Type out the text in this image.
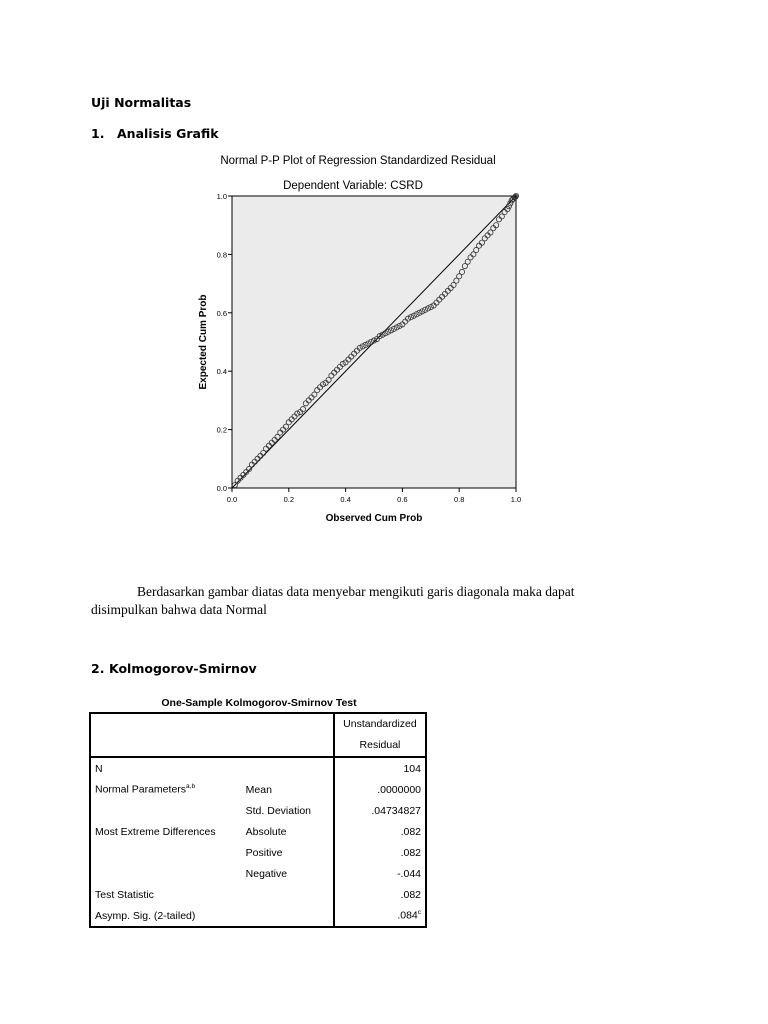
Uji Normalitas
1. Analisis Grafik
Normal P-P Plot of Regression Standardized Residual
Dependent Variable: CSRD
0.0	0.2	0.4	0.6	0.8	1.0
0.0
0.2
0.4
0.6
0.8
1.0
Observed Cum Prob
Expected Cum Prob
Berdasarkan gambar diatas data menyebar mengikuti garis diagonala maka dapat
disimpulkan bahwa data Normal
2. Kolmogorov-Smirnov
One-Sample Kolmogorov-Smirnov Test

		Unstandardized
Residual

N		104
Normal Parameters$^{a,b}$	Mean	.0000000
	Std. Deviation	.04734827
Most Extreme Differences	Absolute	.082
	Positive	.082
	Negative	-.044
Test Statistic		.082
Asymp. Sig. (2-tailed)		.084$^c$
